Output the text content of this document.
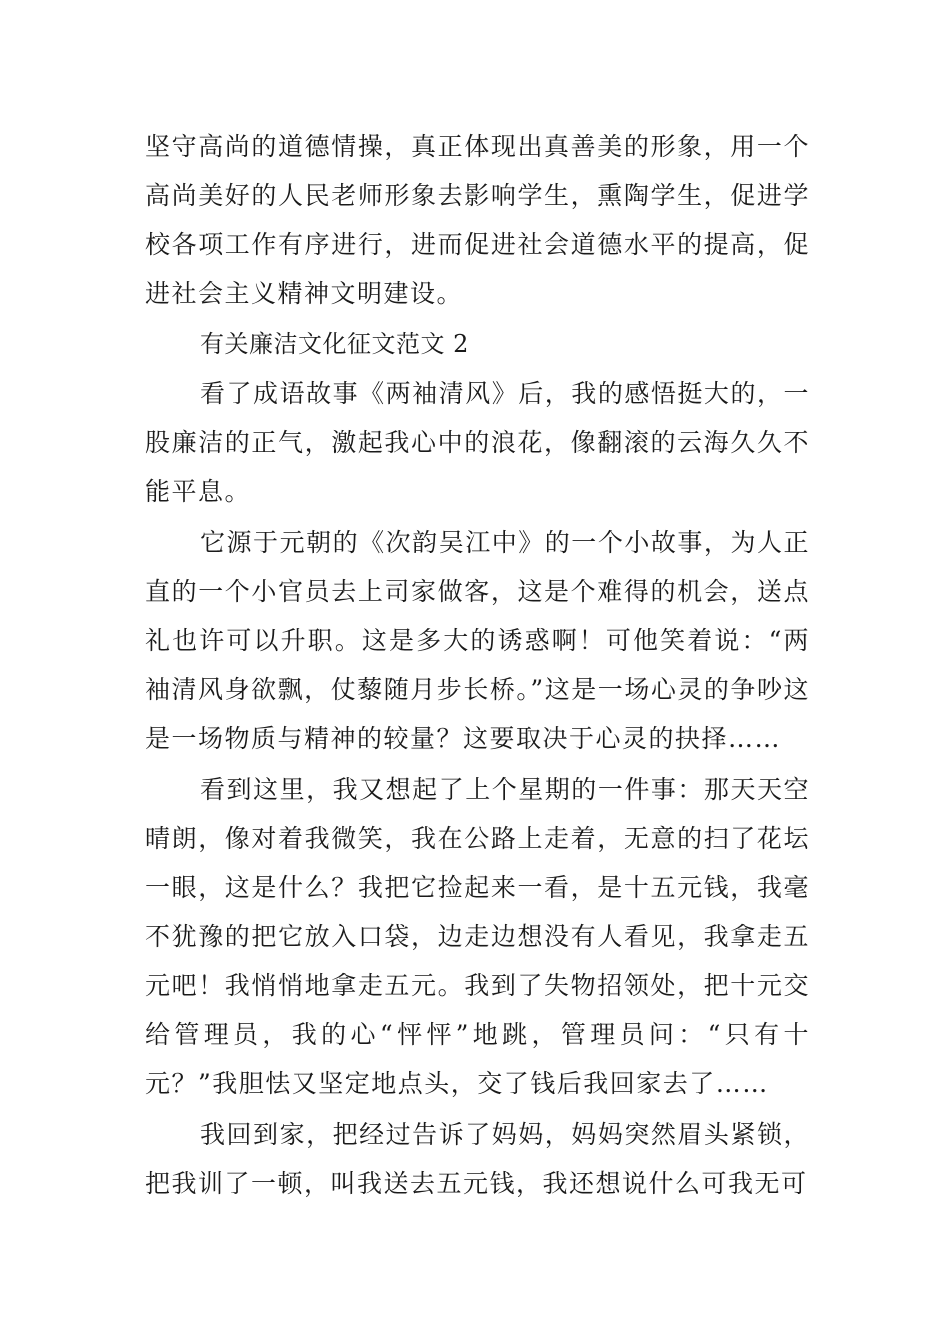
坚守高尚的道德情操，真正体现出真善美的形象，用一个高尚美好的人民老师形象去影响学生，熏陶学生，促进学校各项工作有序进行，进而促进社会道德水平的提高，促进社会主义精神文明建设。

有关廉洁文化征文范文 2

看了成语故事《两袖清风》后，我的感悟挺大的，一股廉洁的正气，激起我心中的浪花，像翻滚的云海久久不能平息。

它源于元朝的《次韵吴江中》的一个小故事，为人正直的一个小官员去上司家做客，这是个难得的机会，送点礼也许可以升职。这是多大的诱惑啊！可他笑着说：“两袖清风身欲飘，仗藜随月步长桥。”这是一场心灵的争吵这是一场物质与精神的较量？这要取决于心灵的抉择……

看到这里，我又想起了上个星期的一件事：那天天空晴朗，像对着我微笑，我在公路上走着，无意的扫了花坛一眼，这是什么？我把它捡起来一看，是十五元钱，我毫不犹豫的把它放入口袋，边走边想没有人看见，我拿走五元吧！我悄悄地拿走五元。我到了失物招领处，把十元交给管理员，我的心“怦怦”地跳，管理员问：“只有十元？”我胆怯又坚定地点头，交了钱后我回家去了……

我回到家，把经过告诉了妈妈，妈妈突然眉头紧锁，把我训了一顿，叫我送去五元钱，我还想说什么可我无可
